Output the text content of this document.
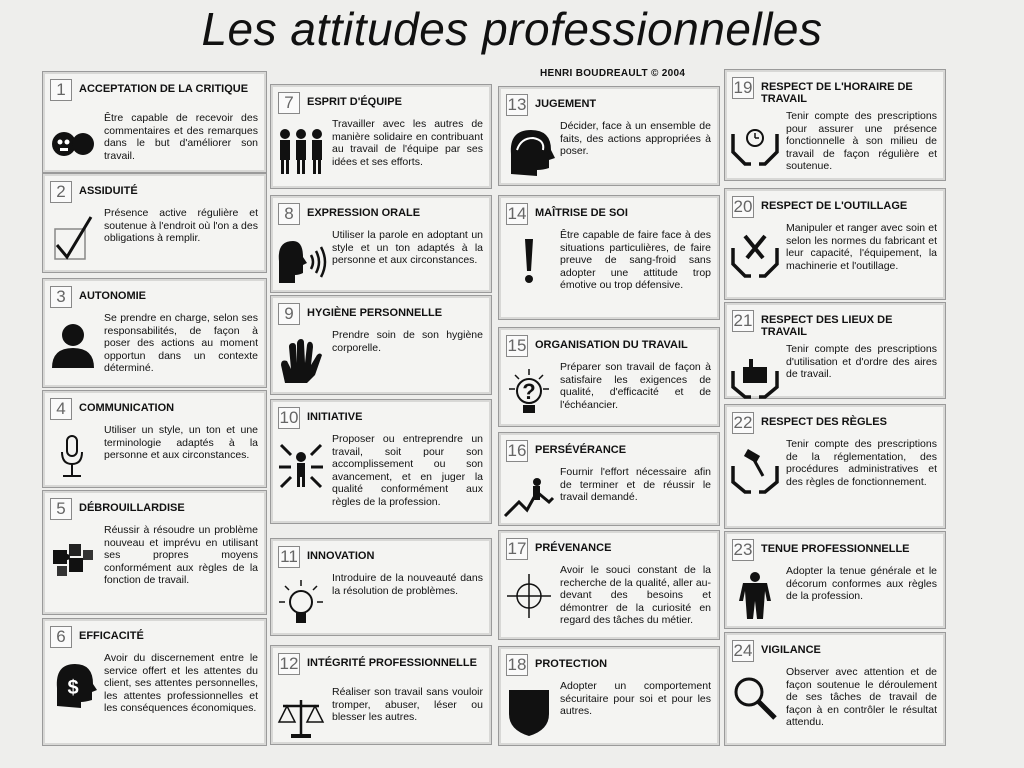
Les attitudes professionnelles
HENRI BOUDREAULT © 2004
1	ACCEPTATION DE LA CRITIQUE
Être capable de recevoir des commentaires et des remarques dans le but d'améliorer son travail.
2	ASSIDUITÉ
Présence active régulière et soutenue à l'endroit où l'on a des obligations à remplir.
3	AUTONOMIE
Se prendre en charge, selon ses responsabilités, de façon à poser des actions au moment opportun dans un contexte déterminé.
4	COMMUNICATION
Utiliser un style, un ton et une terminologie adaptés à la personne et aux circonstances.
5	DÉBROUILLARDISE
Réussir à résoudre un problème nouveau et imprévu en utilisant ses propres moyens conformément aux règles de la fonction de travail.
6	EFFICACITÉ
$
Avoir du discernement entre le service offert et les attentes du client, ses attentes personnelles, les attentes professionnelles et les conséquences économiques.
7	ESPRIT D'ÉQUIPE
Travailler avec les autres de manière solidaire en contribuant au travail de l'équipe par ses idées et ses efforts.
8	EXPRESSION ORALE
Utiliser la parole en adoptant un style et un ton adaptés à la personne et aux circonstances.
9	HYGIÈNE PERSONNELLE
Prendre soin de son hygiène corporelle.
10 INITIATIVE
Proposer ou entreprendre un travail, soit pour son accomplissement ou son avancement, et en juger la qualité conformément aux règles de la profession.
11 INNOVATION
Introduire de la nouveauté dans la résolution de problèmes.
12 INTÉGRITÉ PROFESSIONNELLE
Réaliser son travail sans vouloir tromper, abuser, léser ou blesser les autres.
13 JUGEMENT
Décider, face à un ensemble de faits, des actions appropriées à poser.
14 MAÎTRISE DE SOI
Être capable de faire face à des situations particulières, de faire preuve de sang-froid sans adopter une attitude trop émotive ou trop défensive.
15 ORGANISATION DU TRAVAIL
?
Préparer son travail de façon à satisfaire les exigences de qualité, d'efficacité et de l'échéancier.
16 PERSÉVÉRANCE
Fournir l'effort nécessaire afin de terminer et de réussir le travail demandé.
17 PRÉVENANCE
Avoir le souci constant de la recherche de la qualité, aller au-devant des besoins et démontrer de la curiosité en regard des tâches du métier.
18 PROTECTION
Adopter un comportement sécuritaire pour soi et pour les autres.
19 RESPECT DE L'HORAIRE DE TRAVAIL
Tenir compte des prescriptions pour assurer une présence fonctionnelle à son milieu de travail de façon régulière et soutenue.
20 RESPECT DE L'OUTILLAGE
Manipuler et ranger avec soin et selon les normes du fabricant et leur capacité, l'équipement, la machinerie et l'outillage.
21 RESPECT DES LIEUX DE TRAVAIL
Tenir compte des prescriptions d'utilisation et d'ordre des aires de travail.
22 RESPECT DES RÈGLES
Tenir compte des prescriptions de la réglementation, des procédures administratives et des règles de fonctionnement.
23 TENUE PROFESSIONNELLE
Adopter la tenue générale et le décorum conformes aux règles de la profession.
24 VIGILANCE
Observer avec attention et de façon soutenue le déroulement de ses tâches de travail de façon à en contrôler le résultat attendu.
